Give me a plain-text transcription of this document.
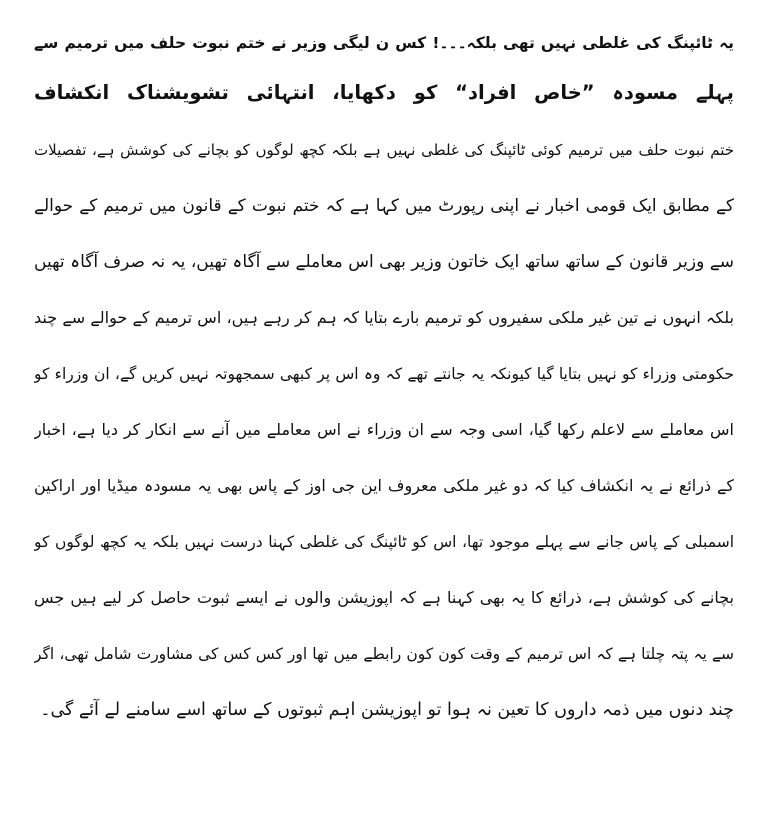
یہ ٹائپنگ کی غلطی نہیں تھی بلکہ۔۔۔! کس ن لیگی وزیر نے ختم نبوت حلف میں ترمیم سے
پہلے مسودہ ”خاص افراد“ کو دکھایا، انتہائی تشویشناک انکشاف
ختم نبوت حلف میں ترمیم کوئی ٹائپنگ کی غلطی نہیں ہے بلکہ کچھ لوگوں کو بچانے کی کوشش ہے، تفصیلات
کے مطابق ایک قومی اخبار نے اپنی رپورٹ میں کہا ہے کہ ختم نبوت کے قانون میں ترمیم کے حوالے
سے وزیر قانون کے ساتھ ساتھ ایک خاتون وزیر بھی اس معاملے سے آگاہ تھیں، یہ نہ صرف آگاہ تھیں
بلکہ انہوں نے تین غیر ملکی سفیروں کو ترمیم بارے بتایا کہ ہم کر رہے ہیں، اس ترمیم کے حوالے سے چند
حکومتی وزراء کو نہیں بتایا گیا کیونکہ یہ جانتے تھے کہ وہ اس پر کبھی سمجھوتہ نہیں کریں گے، ان وزراء کو
اس معاملے سے لاعلم رکھا گیا، اسی وجہ سے ان وزراء نے اس معاملے میں آنے سے انکار کر دیا ہے، اخبار
کے ذرائع نے یہ انکشاف کیا کہ دو غیر ملکی معروف این جی اوز کے پاس بھی یہ مسودہ میڈیا اور اراکین
اسمبلی کے پاس جانے سے پہلے موجود تھا، اس کو ٹائپنگ کی غلطی کہنا درست نہیں بلکہ یہ کچھ لوگوں کو
بچانے کی کوشش ہے، ذرائع کا یہ بھی کہنا ہے کہ اپوزیشن والوں نے ایسے ثبوت حاصل کر لیے ہیں جس
سے یہ پتہ چلتا ہے کہ اس ترمیم کے وقت کون کون رابطے میں تھا اور کس کس کی مشاورت شامل تھی، اگر
چند دنوں میں ذمہ داروں کا تعین نہ ہوا تو اپوزیشن اہم ثبوتوں کے ساتھ اسے سامنے لے آئے گی۔
